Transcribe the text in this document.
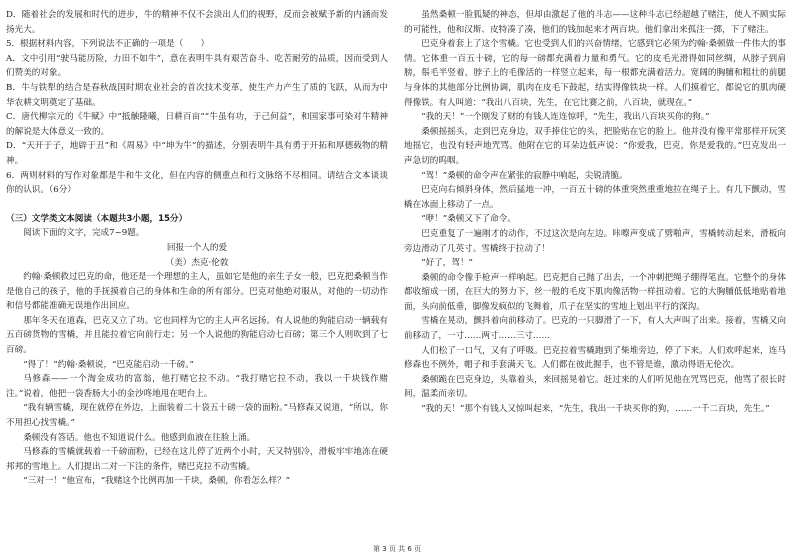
D．随着社会的发展和时代的进步，牛的精神不仅不会淡出人们的视野，反而会被赋予新的内涵而发扬光大。

5．根据材料内容，下列说法不正确的一项是（　　）

A．文中引用“驶马能历险，力田不如牛”，意在表明牛具有艰苦奋斗、吃苦耐劳的品质，因而受到人们赞美的对象。

B．牛与铁犁的结合是春秋战国时期农业社会的首次技术变革，使生产力产生了质的飞跃，从而为中华农耕文明奠定了基础。

C．唐代柳宗元的《牛赋》中“抵触隆曦，日耕百亩”“牛虽有功，于己何益”，和国家事可染对牛精神的解说是大体意义一致的。

D．“天开于子，地辟于丑”和《周易》中“坤为牛”的描述，分别表明牛具有勇于开拓和厚德载物的精神。

6．两则材料的写作对象都是牛和牛文化，但在内容的侧重点和行文脉络不尽相同。请结合文本谈谈你的认识。（6分）

（三）文学类文本阅读（本题共3小题，15分）

阅读下面的文字，完成7~9题。

回报一个人的爱

（美）杰克·伦敦

约翰·桑顿救过巴克的命，他还是一个理想的主人，虽如它是他的亲生子女一般，巴克把桑顿当作是他自己的孩子，他的手抚摸着自己的身体和生命的所有部分。巴克对他绝对服从，对他的一切动作和信号都能准确无误地作出回应。

那年冬天在道森，巴克又立了功。它也同样为它的主人声名远扬。有人说他的狗能启动一辆载有五百磅货物的雪橇，并且能拉着它向前行走；另一个人说他的狗能启动七百磅；第三个人则吹到了七百磅。

“得了！”约翰·桑顿说，“巴克能启动一千磅。”

马修森——一个淘金成功的富翁，他打赌它拉不动。“我打赌它拉不动，我以一千块钱作赌注。”说着，他把一袋香肠大小的金沙咚地甩在吧台上。

“我有辆雪橇，现在就停在外边，上面装着二十袋五十磅一袋的面粉。”马修森又说道，“所以，你不用担心找雪橇。”

桑顿没有答话。他也不知道说什么。他感到血液在往脸上涌。

马修森的雪橇就载着一千磅面粉，已经在这儿停了近两个小时，天又特别冷，滑板牢牢地冻在硬邦邦的雪地上。人们提出二对一下注的条件，赌巴克拉不动雪橇。

“三对一！”他宣布，“我赌这个比例再加一千块，桑顿，你看怎么样？”

虽然桑顿一脸狐疑的神态，但却由激起了他的斗志——这种斗志已经超越了赌注，使人不顾实际的可能性，他和汉斯、皮特凑了凑，他们的钱加起来才两百块。他们拿出来孤注一掷，下了赌注。

巴克身着套上了这个雪橇。它也受到人们的兴奋情绪，它感到它必须为约翰·桑顿做一件伟大的事情。它体重一百五十磅，它的每一磅都充满着力量和勇气。它的皮毛光滑得如同丝绸，从脖子到肩膀，鬃毛半竖着，脖子上的毛像活的一样竖立起来，每一根都充满着活力。宽阔的胸脯和粗壮的前腿与身体的其他部分比例协调，肌肉在皮毛下鼓起，结实得像铁块一样。人们摸着它，都说它的肌肉硬得像铁。有人叫道：“我出八百块，先生，在它比赛之前，八百块，就现在。”

“我的天！”一个刚发了财的有钱人连连惊呼，“先生，我出八百块买你的狗。”

桑顿摇摇头，走到巴克身边，双手捧住它的头，把脸贴在它的脸上。他并没有像平常那样开玩笑地摇它，也没有轻声地咒骂。他附在它的耳朵边低声说：“你爱我，巴克，你是爱我的。”巴克发出一声急切的呜咽。

“驾！”桑顿的命令声在紧张的寂静中响起，尖锐清脆。

巴克向右倾斜身体，然后猛地一冲，一百五十磅的体重突然重重地拉在绳子上。有几下颤动，雪橇在冰面上移动了一点。

“咿！”桑顿又下了命令。

巴克重复了一遍刚才的动作，不过这次是向左边。咔嚓声变成了劈啪声，雪橇转动起来，滑板向旁边滑动了几英寸。雪橇终于拉动了！

“好了，驾！”

桑顿的命令像手枪声一样响起。巴克把自己抛了出去，一个冲刺把绳子绷得笔直。它整个的身体都收缩成一团，在巨大的努力下，丝一般的毛皮下肌肉像活物一样扭动着。它的大胸脯低低地贴着地面，头向前低垂，脚像发疯似的飞舞着，爪子在坚实的雪地上划出平行的深沟。

雪橇在晃动，颤抖着向前移动了。巴克的一只脚滑了一下，有人大声叫了出来。接着，雪橇又向前移动了，一寸……两寸……三寸……

人们松了一口气，又有了呼吸。巴克拉着雪橇跑到了柴堆旁边，停了下来。人们欢呼起来，连马修森也不例外，帽子和手套满天飞。人们都在彼此握手，也不管是谁，激动得语无伦次。

桑顿跪在巴克身边，头靠着头，来回摇晃着它。赶过来的人们听见他在咒骂巴克，他骂了很长时间，温柔而亲切。

“我的天！”那个有钱人又惊叫起来，“先生，我出一千块买你的狗，……一千二百块，先生。”

第 3 页 共 6 页
